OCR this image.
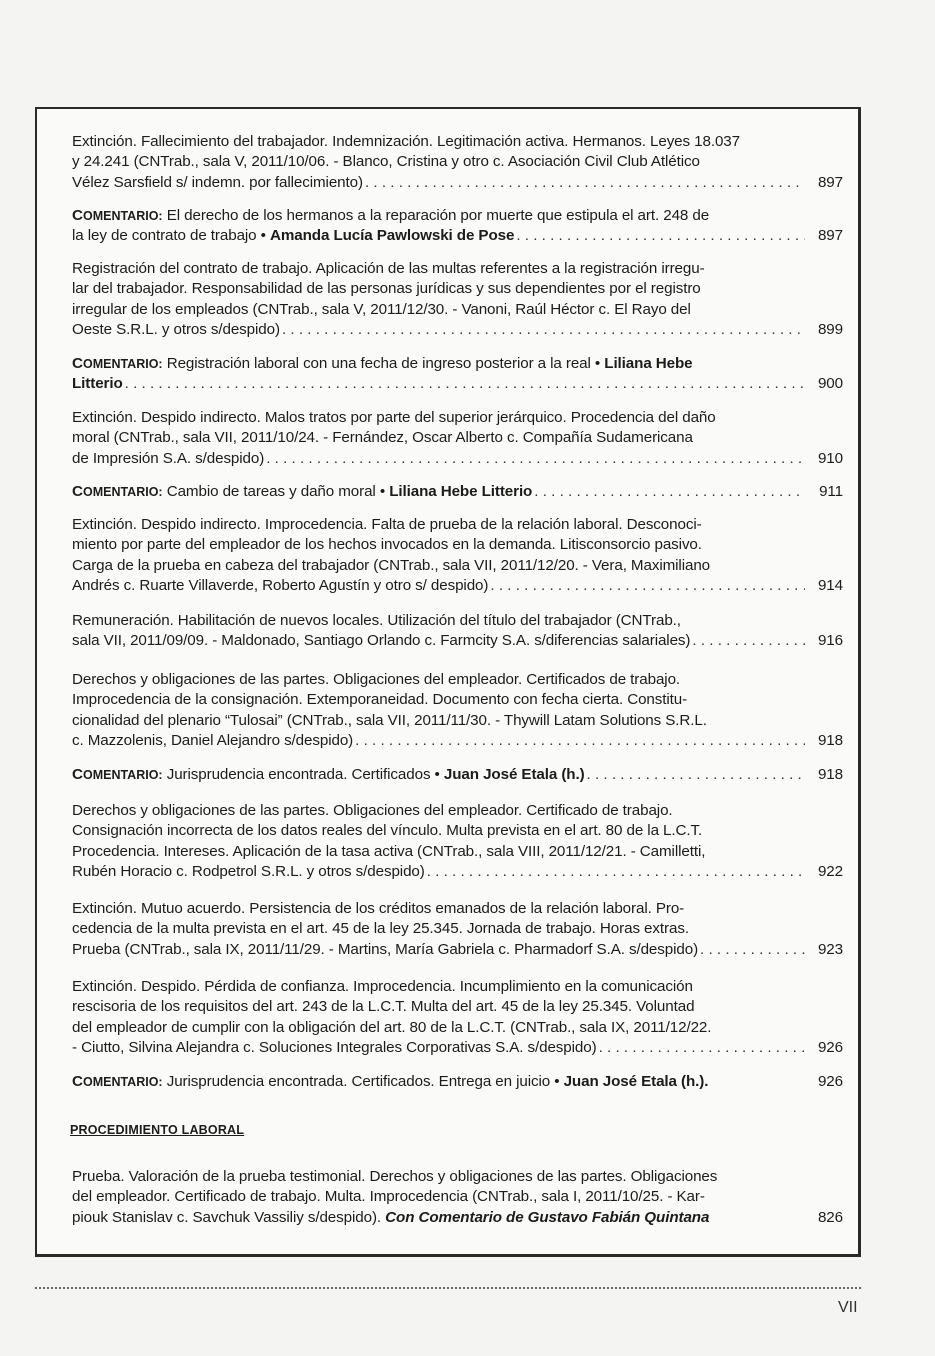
Extinción. Fallecimiento del trabajador. Indemnización. Legitimación activa. Hermanos. Leyes 18.037
y 24.241 (CNTrab., sala V, 2011/10/06. - Blanco, Cristina y otro c. Asociación Civil Club Atlético
Vélez Sarsfield s/ indemn. por fallecimiento) . . .	897
COMENTARIO: El derecho de los hermanos a la reparación por muerte que estipula el art. 248 de
la ley de contrato de trabajo • Amanda Lucía Pawlowski de Pose . . .	897
Registración del contrato de trabajo. Aplicación de las multas referentes a la registración irregu-
lar del trabajador. Responsabilidad de las personas jurídicas y sus dependientes por el registro
irregular de los empleados (CNTrab., sala V, 2011/12/30. - Vanoni, Raúl Héctor c. El Rayo del
Oeste S.R.L. y otros s/despido) . . .	899
COMENTARIO: Registración laboral con una fecha de ingreso posterior a la real • Liliana Hebe
Litterio . . .	900
Extinción. Despido indirecto. Malos tratos por parte del superior jerárquico. Procedencia del daño
moral (CNTrab., sala VII, 2011/10/24. - Fernández, Oscar Alberto c. Compañía Sudamericana
de Impresión S.A. s/despido) . . .	910
COMENTARIO: Cambio de tareas y daño moral • Liliana Hebe Litterio . . .	911
Extinción. Despido indirecto. Improcedencia. Falta de prueba de la relación laboral. Desconoci-
miento por parte del empleador de los hechos invocados en la demanda. Litisconsorcio pasivo.
Carga de la prueba en cabeza del trabajador (CNTrab., sala VII, 2011/12/20. - Vera, Maximiliano
Andrés c. Ruarte Villaverde, Roberto Agustín y otro s/ despido) . . .	914
Remuneración. Habilitación de nuevos locales. Utilización del título del trabajador (CNTrab.,
sala VII, 2011/09/09. - Maldonado, Santiago Orlando c. Farmcity S.A. s/diferencias salariales) . . .	916
Derechos y obligaciones de las partes. Obligaciones del empleador. Certificados de trabajo.
Improcedencia de la consignación. Extemporaneidad. Documento con fecha cierta. Constitu-
cionalidad del plenario “Tulosai” (CNTrab., sala VII, 2011/11/30. - Thywill Latam Solutions S.R.L.
c. Mazzolenis, Daniel Alejandro s/despido) . . .	918
COMENTARIO: Jurisprudencia encontrada. Certificados • Juan José Etala (h.) . . .	918
Derechos y obligaciones de las partes. Obligaciones del empleador. Certificado de trabajo.
Consignación incorrecta de los datos reales del vínculo. Multa prevista en el art. 80 de la L.C.T.
Procedencia. Intereses. Aplicación de la tasa activa (CNTrab., sala VIII, 2011/12/21. - Camilletti,
Rubén Horacio c. Rodpetrol S.R.L. y otros s/despido) . . .	922
Extinción. Mutuo acuerdo. Persistencia de los créditos emanados de la relación laboral. Pro-
cedencia de la multa prevista en el art. 45 de la ley 25.345. Jornada de trabajo. Horas extras.
Prueba (CNTrab., sala IX, 2011/11/29. - Martins, María Gabriela c. Pharmadorf S.A. s/despido) . . .	923
Extinción. Despido. Pérdida de confianza. Improcedencia. Incumplimiento en la comunicación
rescisoria de los requisitos del art. 243 de la L.C.T. Multa del art. 45 de la ley 25.345. Voluntad
del empleador de cumplir con la obligación del art. 80 de la L.C.T. (CNTrab., sala IX, 2011/12/22.
- Ciutto, Silvina Alejandra c. Soluciones Integrales Corporativas S.A. s/despido) . . .	926
COMENTARIO: Jurisprudencia encontrada. Certificados. Entrega en juicio • Juan José Etala (h.).	926
PROCEDIMIENTO LABORAL
Prueba. Valoración de la prueba testimonial. Derechos y obligaciones de las partes. Obligaciones
del empleador. Certificado de trabajo. Multa. Improcedencia (CNTrab., sala I, 2011/10/25. - Kar-
piouk Stanislav c. Savchuk Vassiliy s/despido). Con Comentario de Gustavo Fabián Quintana	826
VII
